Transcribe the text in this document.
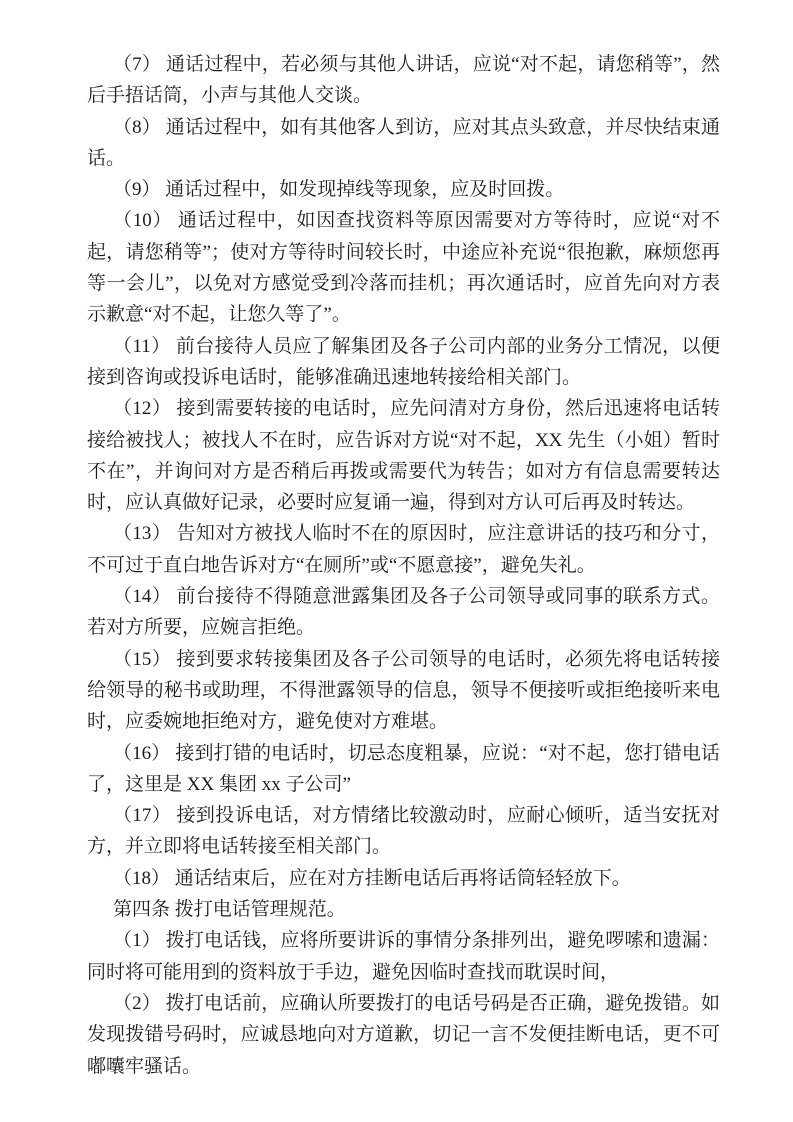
（7） 通话过程中，若必须与其他人讲话，应说“对不起，请您稍等”，然后手捂话筒，小声与其他人交谈。

（8） 通话过程中，如有其他客人到访，应对其点头致意，并尽快结束通话。

（9） 通话过程中，如发现掉线等现象，应及时回拨。

（10） 通话过程中，如因查找资料等原因需要对方等待时，应说“对不起，请您稍等”；使对方等待时间较长时，中途应补充说“很抱歉，麻烦您再等一会儿”，以免对方感觉受到冷落而挂机；再次通话时，应首先向对方表示歉意“对不起，让您久等了”。

（11） 前台接待人员应了解集团及各子公司内部的业务分工情况，以便接到咨询或投诉电话时，能够准确迅速地转接给相关部门。

（12） 接到需要转接的电话时，应先问清对方身份，然后迅速将电话转接给被找人；被找人不在时，应告诉对方说“对不起，XX 先生（小姐）暂时不在”，并询问对方是否稍后再拨或需要代为转告；如对方有信息需要转达时，应认真做好记录，必要时应复诵一遍，得到对方认可后再及时转达。

（13） 告知对方被找人临时不在的原因时，应注意讲话的技巧和分寸，不可过于直白地告诉对方“在厕所”或“不愿意接”，避免失礼。

（14） 前台接待不得随意泄露集团及各子公司领导或同事的联系方式。若对方所要，应婉言拒绝。

（15） 接到要求转接集团及各子公司领导的电话时，必须先将电话转接给领导的秘书或助理，不得泄露领导的信息，领导不便接听或拒绝接听来电时，应委婉地拒绝对方，避免使对方难堪。

（16） 接到打错的电话时，切忌态度粗暴，应说：“对不起，您打错电话了，这里是 XX 集团 xx 子公司”

（17） 接到投诉电话，对方情绪比较激动时，应耐心倾听，适当安抚对方，并立即将电话转接至相关部门。

（18） 通话结束后，应在对方挂断电话后再将话筒轻轻放下。

第四条 拨打电话管理规范。

（1） 拨打电话钱，应将所要讲诉的事情分条排列出，避免啰嗦和遗漏：同时将可能用到的资料放于手边，避免因临时查找而耽误时间，

（2） 拨打电话前，应确认所要拨打的电话号码是否正确，避免拨错。如发现拨错号码时，应诚恳地向对方道歉，切记一言不发便挂断电话，更不可嘟囔牢骚话。
